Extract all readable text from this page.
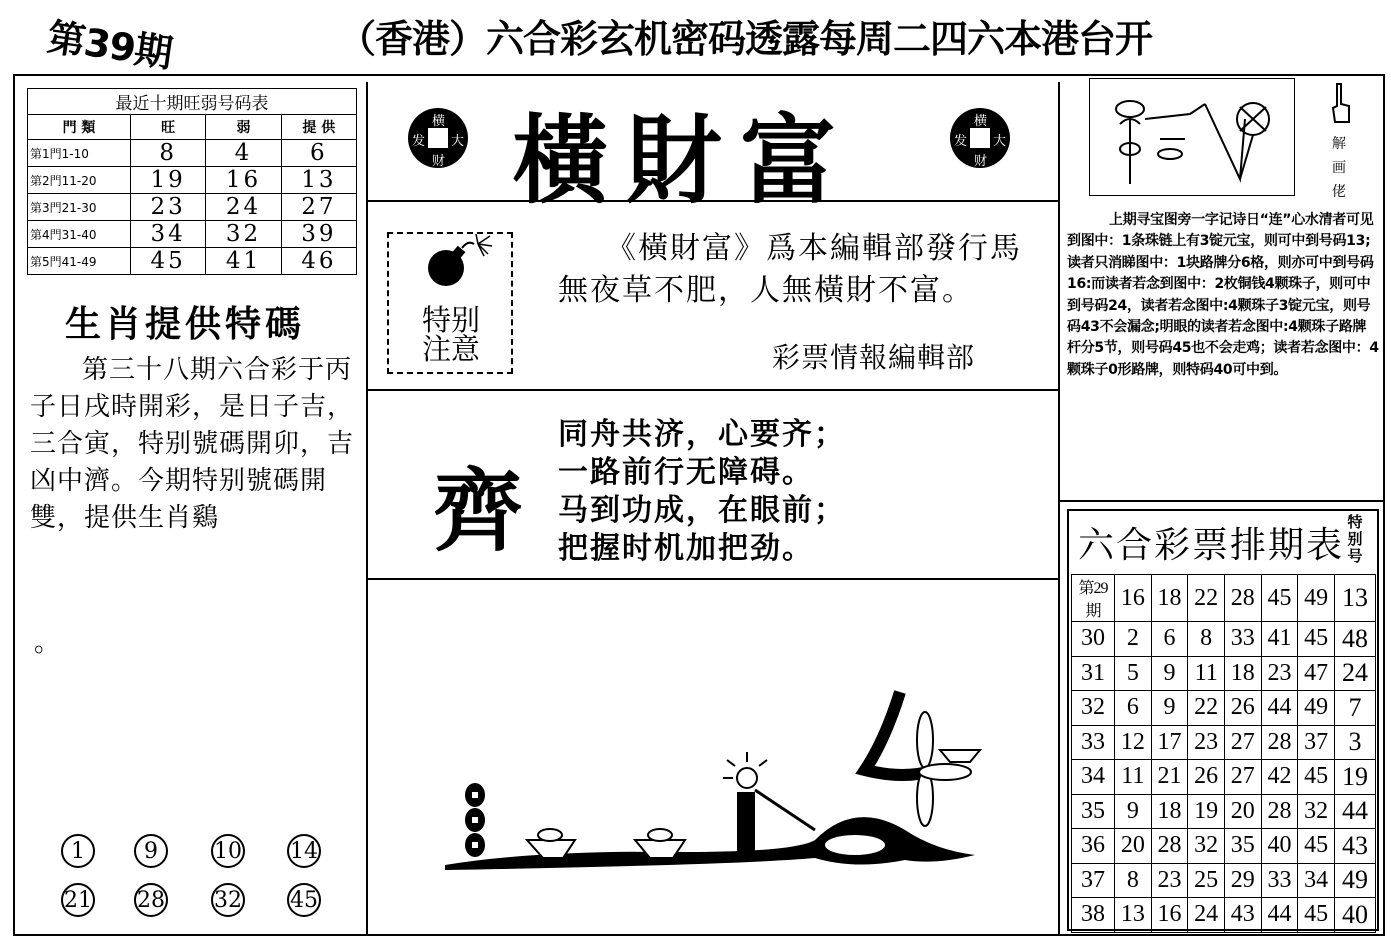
第39期	（香港）六合彩玄机密码透露每周二四六本港台开
最近十期旺弱号码表			
門 類	旺	弱	提 供
第1門1-10	8	4	6
第2門11-20	19	16	13
第3門21-30	23	24	27
第4門31-40	34	32	39
第5門41-49	45	41	46
生肖提供特碼
第三十八期六合彩于丙子日戌時開彩，是日子吉，三合寅，特别號碼開卯，吉凶中濟。今期特别號碼開雙，提供生肖鷄
。
1	9	10 14
21 28 32 45
横
大
财
发 橫財富	横
大
财
发
特别
注意
《橫財富》爲本編輯部發行馬無夜草不肥，人無橫財不富。
彩票情報編輯部
齊
同舟共济，心要齐；
一路前行无障碍。
马到功成，在眼前；
把握时机加把劲。
解
画
佬
上期寻宝图旁一字记诗日“连”心水清者可见到图中：1条珠链上有3锭元宝，则可中到号码13;读者只消睇图中：1块路牌分6格，则亦可中到号码16:而读者若念到图中：2枚铜钱4颗珠子，则可中到号码24，读者若念图中:4颗珠子3锭元宝，则号码43不会漏念;明眼的读者若念图中:4颗珠子路牌杆分5节，则号码45也不会走鸡；读者若念图中：4颗珠子0形路牌，则特码40可中到。
六合彩票排期表
特
别
号
第29期	16	18	22	28	45	49	13
30	2	6	8	33	41	45	48
31	5	9	11	18	23	47	24
32	6	9	22	26	44	49	7
33	12	17	23	27	28	37	3
34	11	21	26	27	42	45	19
35	9	18	19	20	28	32	44
36	20	28	32	35	40	45	43
37	8	23	25	29	33	34	49
38	13	16	24	43	44	45	40
